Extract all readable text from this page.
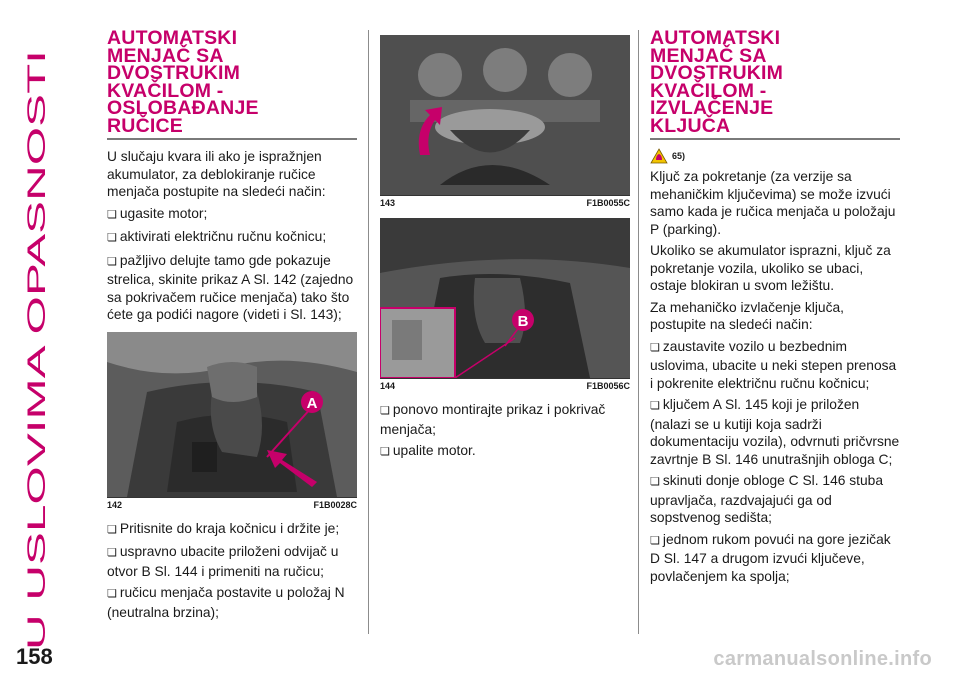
U USLOVIMA OPASNOSTI
AUTOMATSKI
MENJAČ SA
DVOSTRUKIM
KVAČILOM -
OSLOBAĐANJE
RUČICE

U slučaju kvara ili ako je ispražnjen akumulator, za deblokiranje ručice menjača postupite na sledeći način:

❏ ugasite motor;

❏ aktivirati električnu ručnu kočnicu;

❏ pažljivo delujte tamo gde pokazuje strelica, skinite prikaz A Sl. 142 (zajedno sa pokrivačem ručice menjača) tako što ćete ga podići nagore (videti i Sl. 143);

A
142	F1B0028C

❏ Pritisnite do kraja kočnicu i držite je;

❏ uspravno ubacite priloženi odvijač u otvor B Sl. 144 i primeniti na ručicu;

❏ ručicu menjača postavite u položaj N (neutralna brzina);

143	F1B0055C
B
144	F1B0056C

❏ ponovo montirajte prikaz i pokrivač menjača;

❏ upalite motor.

AUTOMATSKI
MENJAČ SA
DVOSTRUKIM
KVAČILOM -
IZVLAČENJE
KLJUČA
65)

Ključ za pokretanje (za verzije sa mehaničkim ključevima) se može izvući samo kada je ručica menjača u položaju P (parking).

Ukoliko se akumulator isprazni, ključ za pokretanje vozila, ukoliko se ubaci, ostaje blokiran u svom ležištu.

Za mehaničko izvlačenje ključa, postupite na sledeći način:

❏ zaustavite vozilo u bezbednim uslovima, ubacite u neki stepen prenosa i pokrenite električnu ručnu kočnicu;

❏ ključem A Sl. 145 koji je priložen (nalazi se u kutiji koja sadrži dokumentaciju vozila), odvrnuti pričvrsne zavrtnje B Sl. 146 unutrašnjih obloga C;

❏ skinuti donje obloge C Sl. 146 stuba upravljača, razdvajajući ga od sopstvenog sedišta;

❏ jednom rukom povući na gore jezičak D Sl. 147 a drugom izvući ključeve, povlačenjem ka spolja;

158	carmanualsonline.info
